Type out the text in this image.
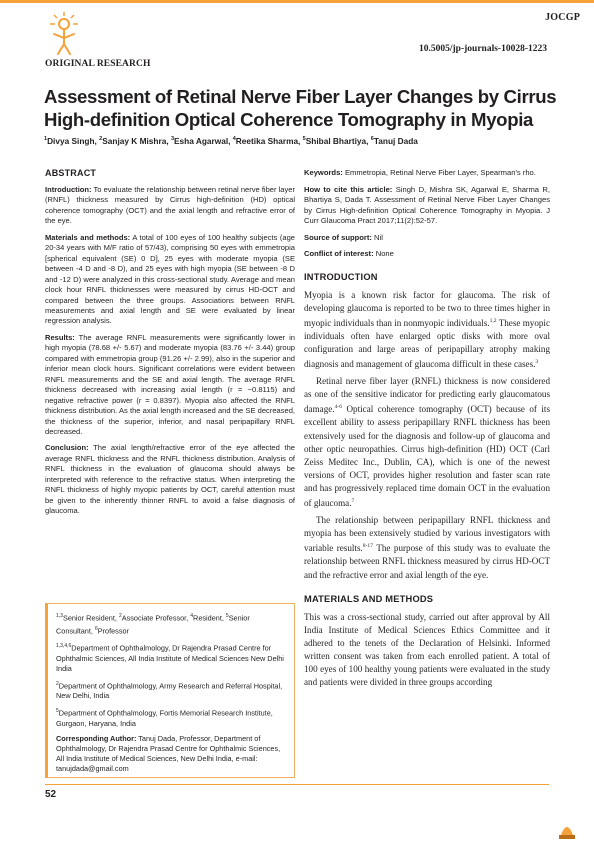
JOCGP
10.5005/jp-journals-10028-1223
ORIGINAL RESEARCH
Assessment of Retinal Nerve Fiber Layer Changes by Cirrus High-definition Optical Coherence Tomography in Myopia
$^1$Divya Singh, $^2$Sanjay K Mishra, $^3$Esha Agarwal, $^4$Reetika Sharma, $^5$Shibal Bhartiya, $^6$Tanuj Dada
ABSTRACT

Introduction: To evaluate the relationship between retinal nerve fiber layer (RNFL) thickness measured by Cirrus high-definition (HD) optical coherence tomography (OCT) and the axial length and refractive error of the eye.

Materials and methods: A total of 100 eyes of 100 healthy subjects (age 20-34 years with M/F ratio of 57/43), comprising 50 eyes with emmetropia [spherical equivalent (SE) 0 D], 25 eyes with moderate myopia (SE between -4 D and -8 D), and 25 eyes with high myopia (SE between -8 D and -12 D) were analyzed in this cross-sectional study. Average and mean clock hour RNFL thicknesses were measured by cirrus HD-OCT and compared between the three groups. Associations between RNFL measurements and axial length and SE were evaluated by linear regression analysis.

Results: The average RNFL measurements were significantly lower in high myopia (78.68 +/- 5.67) and moderate myopia (83.76 +/- 3.44) group compared with emmetropia group (91.26 +/- 2.99), also in the superior and inferior mean clock hours. Significant correlations were evident between RNFL measurements and the SE and axial length. The average RNFL thickness decreased with increasing axial length (r = −0.8115) and negative refractive power (r = 0.8397). Myopia also affected the RNFL thickness distribution. As the axial length increased and the SE decreased, the thickness of the superior, inferior, and nasal peripapillary RNFL decreased.

Conclusion: The axial length/refractive error of the eye affected the average RNFL thickness and the RNFL thickness distribution. Analysis of RNFL thickness in the evaluation of glaucoma should always be interpreted with reference to the refractive status. When interpreting the RNFL thickness of highly myopic patients by OCT, careful attention must be given to the inherently thinner RNFL to avoid a false diagnosis of glaucoma.

$^{1,3}$Senior Resident, $^2$Associate Professor, $^4$Resident, $^5$Senior Consultant, $^6$Professor

$^{1,3,4,6}$Department of Ophthalmology, Dr Rajendra Prasad Centre for Ophthalmic Sciences, All India Institute of Medical Sciences New Delhi India

$^2$Department of Ophthalmology, Army Research and Referral Hospital, New Delhi, India

$^5$Department of Ophthalmology, Fortis Memorial Research Institute, Gurgaon, Haryana, India

Corresponding Author: Tanuj Dada, Professor, Department of Ophthalmology, Dr Rajendra Prasad Centre for Ophthalmic Sciences, All India Institute of Medical Sciences, New Delhi India, e-mail: tanujdada@gmail.com

Keywords: Emmetropia, Retinal Nerve Fiber Layer, Spearman's rho.

How to cite this article: Singh D, Mishra SK, Agarwal E, Sharma R, Bhartiya S, Dada T. Assessment of Retinal Nerve Fiber Layer Changes by Cirrus High-definition Optical Coherence Tomography in Myopia. J Curr Glaucoma Pract 2017;11(2):52-57.

Source of support: Nil

Conflict of interest: None

INTRODUCTION

Myopia is a known risk factor for glaucoma. The risk of developing glaucoma is reported to be two to three times higher in myopic individuals than in nonmyopic individuals.$^{1,2}$ These myopic individuals often have enlarged optic disks with more oval configuration and large areas of peripapillary atrophy making diagnosis and management of glaucoma difficult in these cases.$^3$

Retinal nerve fiber layer (RNFL) thickness is now considered as one of the sensitive indicator for predicting early glaucomatous damage.$^{4-6}$ Optical coherence tomography (OCT) because of its excellent ability to assess peripapillary RNFL thickness has been extensively used for the diagnosis and follow-up of glaucoma and other optic neuropathies. Cirrus high-definition (HD) OCT (Carl Zeiss Meditec Inc., Dublin, CA), which is one of the newest versions of OCT, provides higher resolution and faster scan rate and has progressively replaced time domain OCT in the evaluation of glaucoma.$^7$

The relationship between peripapillary RNFL thickness and myopia has been extensively studied by various investigators with variable results.$^{8-17}$ The purpose of this study was to evaluate the relationship between RNFL thickness measured by cirrus HD-OCT and the refractive error and axial length of the eye.

MATERIALS AND METHODS

This was a cross-sectional study, carried out after approval by All India Institute of Medical Sciences Ethics Committee and it adhered to the tenets of the Declaration of Helsinki. Informed written consent was taken from each enrolled patient. A total of 100 eyes of 100 healthy young patients were evaluated in the study and patients were divided in three groups according

52
